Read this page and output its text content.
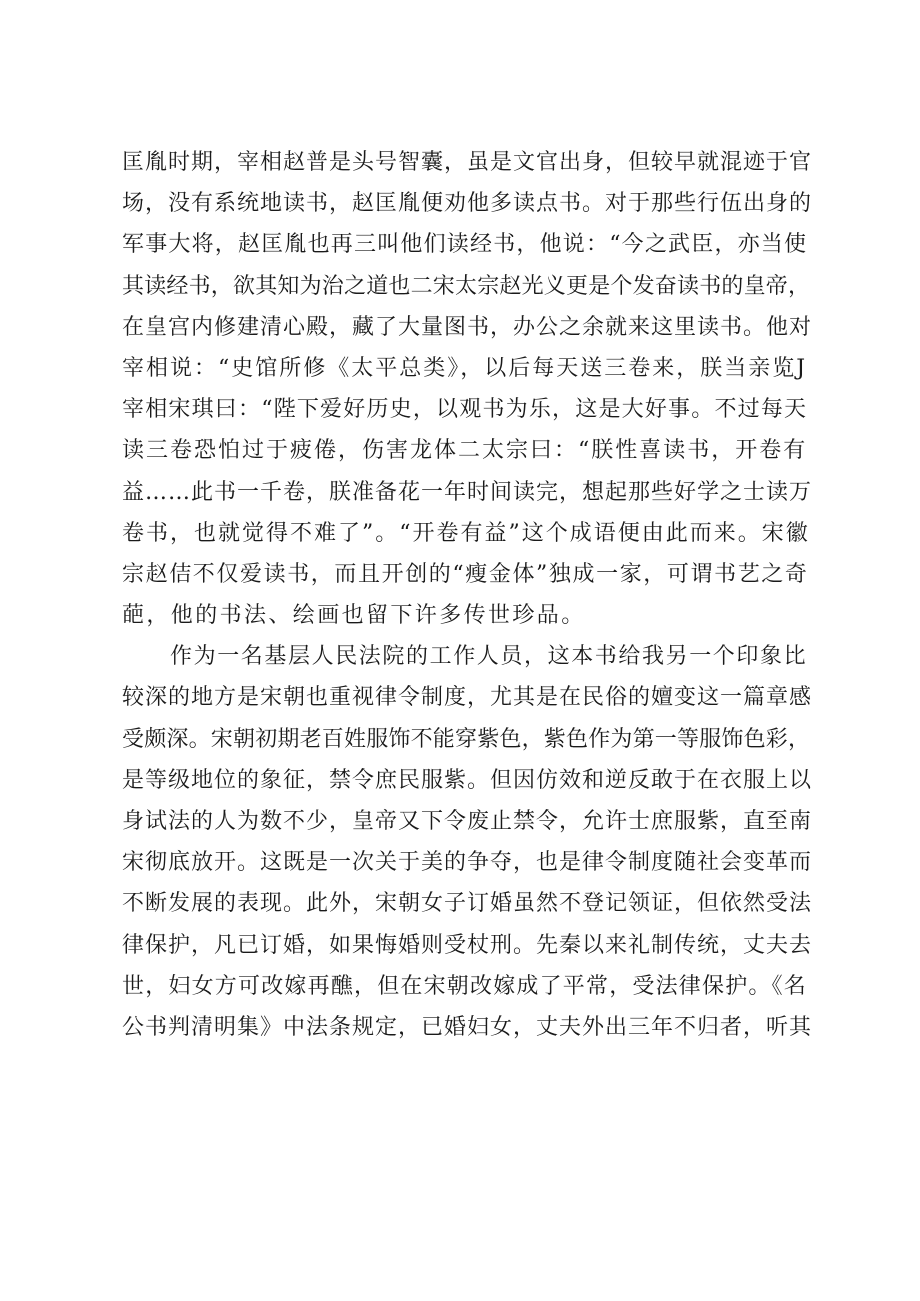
匡胤时期，宰相赵普是头号智囊，虽是文官出身，但较早就混迹于官
场，没有系统地读书，赵匡胤便劝他多读点书。对于那些行伍出身的
军事大将，赵匡胤也再三叫他们读经书，他说：“今之武臣，亦当使
其读经书，欲其知为治之道也二宋太宗赵光义更是个发奋读书的皇帝，
在皇宫内修建清心殿，藏了大量图书，办公之余就来这里读书。他对
宰相说：“史馆所修《太平总类》，以后每天送三卷来，朕当亲览J
宰相宋琪曰：“陛下爱好历史，以观书为乐，这是大好事。不过每天
读三卷恐怕过于疲倦，伤害龙体二太宗曰：“朕性喜读书，开卷有
益……此书一千卷，朕准备花一年时间读完，想起那些好学之士读万
卷书，也就觉得不难了”。“开卷有益”这个成语便由此而来。宋徽
宗赵佶不仅爱读书，而且开创的“瘦金体”独成一家，可谓书艺之奇
葩，他的书法、绘画也留下许多传世珍品。
作为一名基层人民法院的工作人员，这本书给我另一个印象比
较深的地方是宋朝也重视律令制度，尤其是在民俗的嬗变这一篇章感
受颇深。宋朝初期老百姓服饰不能穿紫色，紫色作为第一等服饰色彩，
是等级地位的象征，禁令庶民服紫。但因仿效和逆反敢于在衣服上以
身试法的人为数不少，皇帝又下令废止禁令，允许士庶服紫，直至南
宋彻底放开。这既是一次关于美的争夺，也是律令制度随社会变革而
不断发展的表现。此外，宋朝女子订婚虽然不登记领证，但依然受法
律保护，凡已订婚，如果悔婚则受杖刑。先秦以来礼制传统，丈夫去
世，妇女方可改嫁再醮，但在宋朝改嫁成了平常，受法律保护。《名
公书判清明集》中法条规定，已婚妇女，丈夫外出三年不归者，听其
